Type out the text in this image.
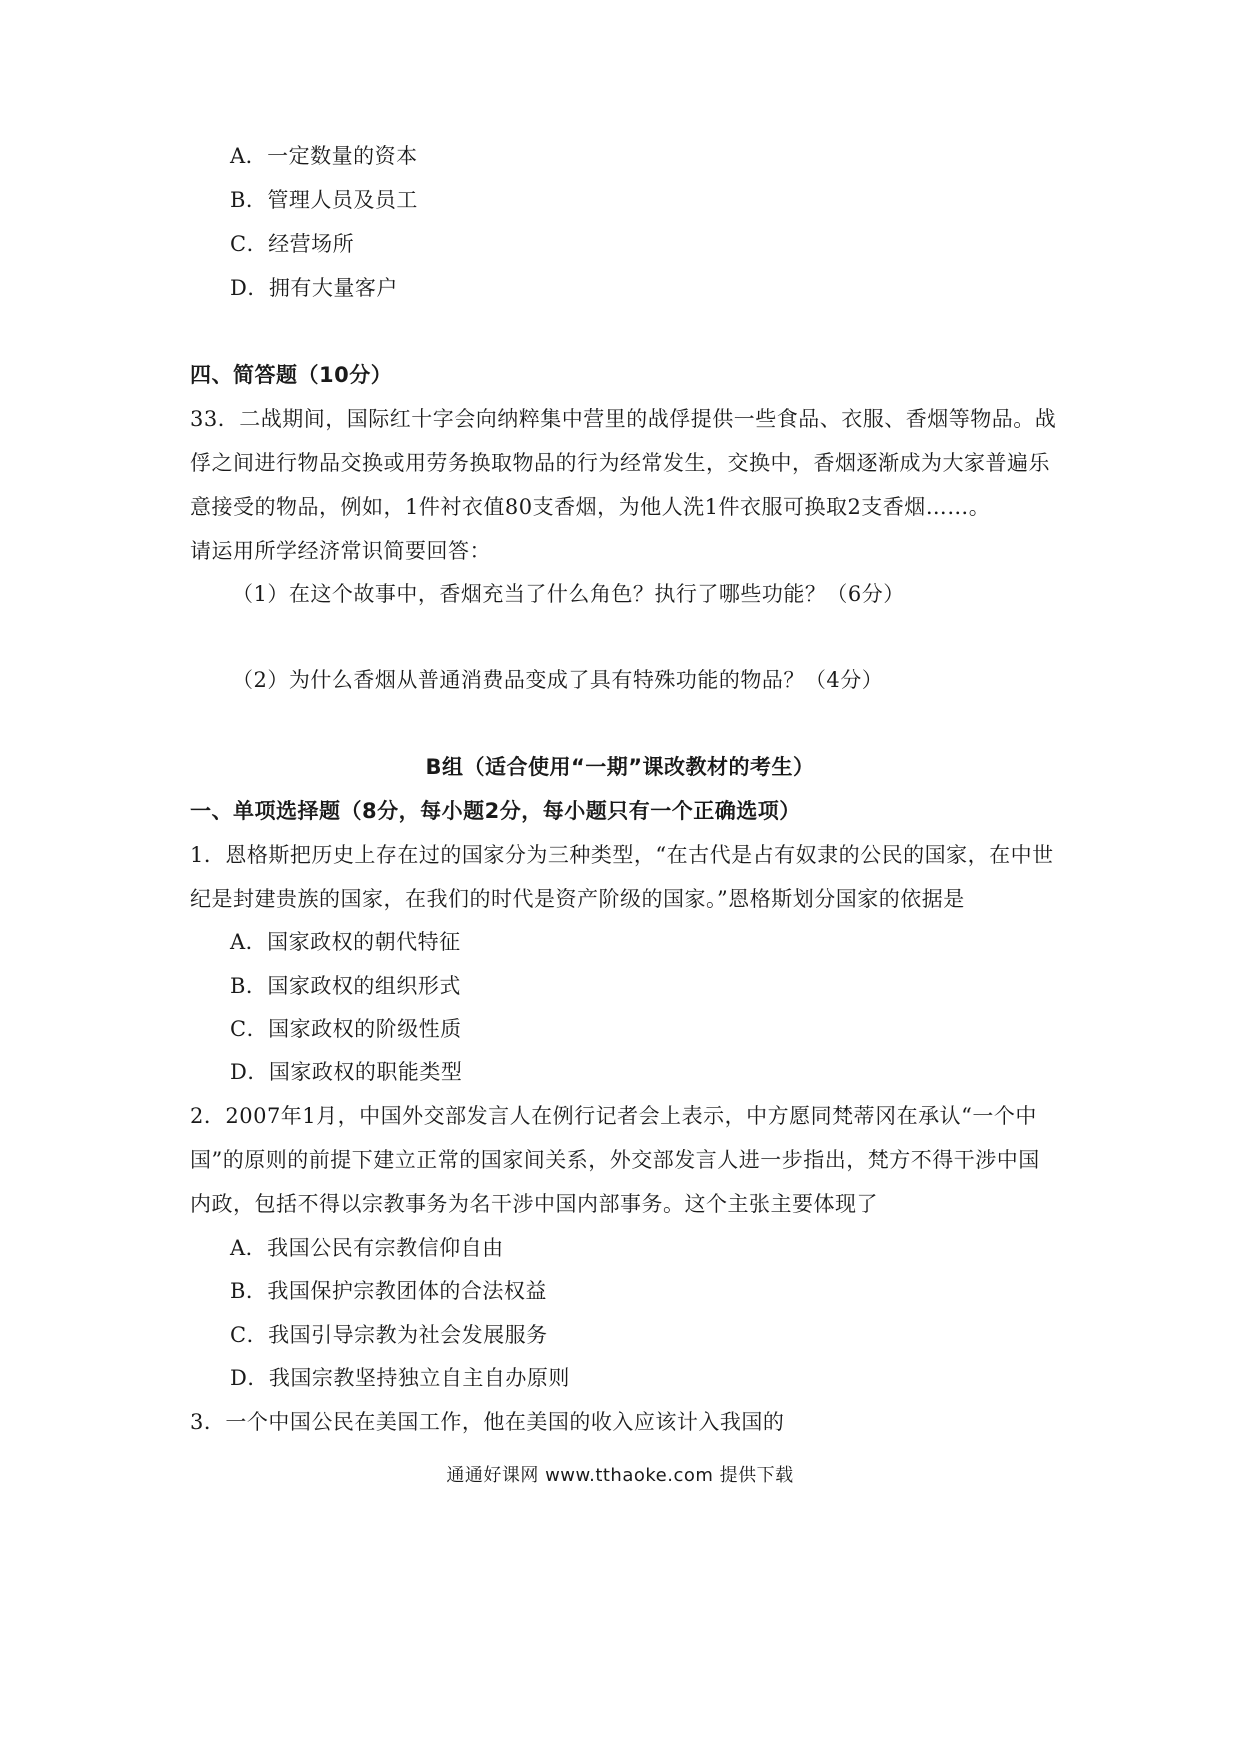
A．一定数量的资本
B．管理人员及员工
C．经营场所
D．拥有大量客户
四、简答题（10分）
33．二战期间，国际红十字会向纳粹集中营里的战俘提供一些食品、衣服、香烟等物品。战
俘之间进行物品交换或用劳务换取物品的行为经常发生，交换中，香烟逐渐成为大家普遍乐
意接受的物品，例如，1件衬衣值80支香烟，为他人洗1件衣服可换取2支香烟……。
请运用所学经济常识简要回答：
（1）在这个故事中，香烟充当了什么角色？执行了哪些功能？（6分）
（2）为什么香烟从普通消费品变成了具有特殊功能的物品？（4分）
B组（适合使用“一期”课改教材的考生）
一、单项选择题（8分，每小题2分，每小题只有一个正确选项）
1．恩格斯把历史上存在过的国家分为三种类型，“在古代是占有奴隶的公民的国家，在中世
纪是封建贵族的国家，在我们的时代是资产阶级的国家。”恩格斯划分国家的依据是
A．国家政权的朝代特征
B．国家政权的组织形式
C．国家政权的阶级性质
D．国家政权的职能类型
2．2007年1月，中国外交部发言人在例行记者会上表示，中方愿同梵蒂冈在承认“一个中
国”的原则的前提下建立正常的国家间关系，外交部发言人进一步指出，梵方不得干涉中国
内政，包括不得以宗教事务为名干涉中国内部事务。这个主张主要体现了
A．我国公民有宗教信仰自由
B．我国保护宗教团体的合法权益
C．我国引导宗教为社会发展服务
D．我国宗教坚持独立自主自办原则
3．一个中国公民在美国工作，他在美国的收入应该计入我国的
通通好课网 www.tthaoke.com 提供下载
